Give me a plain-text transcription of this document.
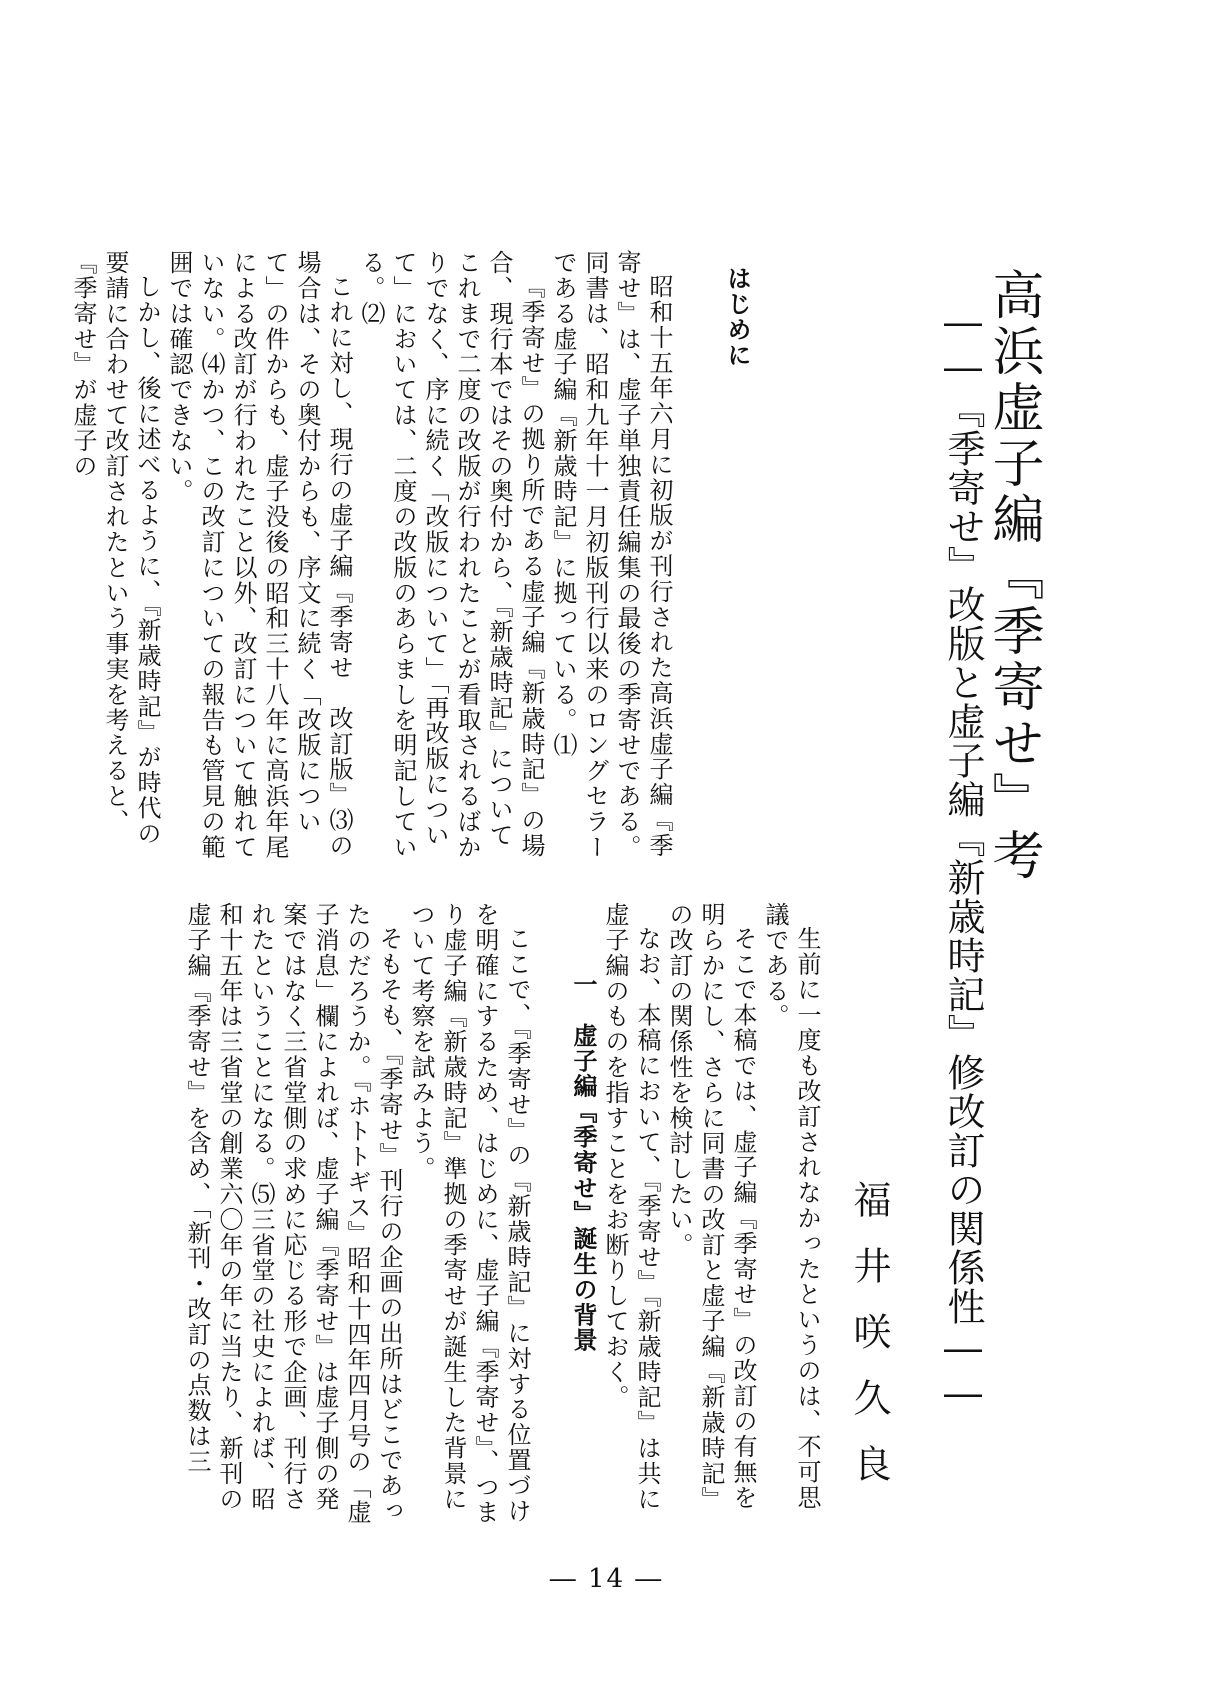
高浜虚子編『季寄せ』考
――『季寄せ』改版と虚子編『新歳時記』修改訂の関係性――
福井咲久良

はじめに

昭和十五年六月に初版が刊行された高浜虚子編『季寄せ』は、虚子単独責任編集の最後の季寄せである。同書は、昭和九年十一月初版刊行以来のロングセラーである虚子編『新歳時記』に拠っている。⑴

『季寄せ』の拠り所である虚子編『新歳時記』の場合、現行本ではその奥付から、『新歳時記』についてこれまで二度の改版が行われたことが看取されるばかりでなく、序に続く「改版について」「再改版について」においては、二度の改版のあらましを明記している。⑵

これに対し、現行の虚子編『季寄せ　改訂版』⑶の場合は、その奥付からも、序文に続く「改版について」の件からも、虚子没後の昭和三十八年に高浜年尾による改訂が行われたこと以外、改訂について触れていない。⑷かつ、この改訂についての報告も管見の範囲では確認できない。

しかし、後に述べるように、『新歳時記』が時代の要請に合わせて改訂されたという事実を考えると、『季寄せ』が虚子の

生前に一度も改訂されなかったというのは、不可思議である。

そこで本稿では、虚子編『季寄せ』の改訂の有無を明らかにし、さらに同書の改訂と虚子編『新歳時記』の改訂の関係性を検討したい。

なお、本稿において、『季寄せ』『新歳時記』は共に虚子編のものを指すことをお断りしておく。

一　虚子編『季寄せ』誕生の背景

ここで、『季寄せ』の『新歳時記』に対する位置づけを明確にするため、はじめに、虚子編『季寄せ』、つまり虚子編『新歳時記』準拠の季寄せが誕生した背景について考察を試みよう。

そもそも、『季寄せ』刊行の企画の出所はどこであったのだろうか。『ホトトギス』昭和十四年四月号の「虚子消息」欄によれば、虚子編『季寄せ』は虚子側の発案ではなく三省堂側の求めに応じる形で企画、刊行されたということになる。⑸三省堂の社史によれば、昭和十五年は三省堂の創業六〇年の年に当たり、新刊の虚子編『季寄せ』を含め、「新刊・改訂の点数は三

― 14 ―
